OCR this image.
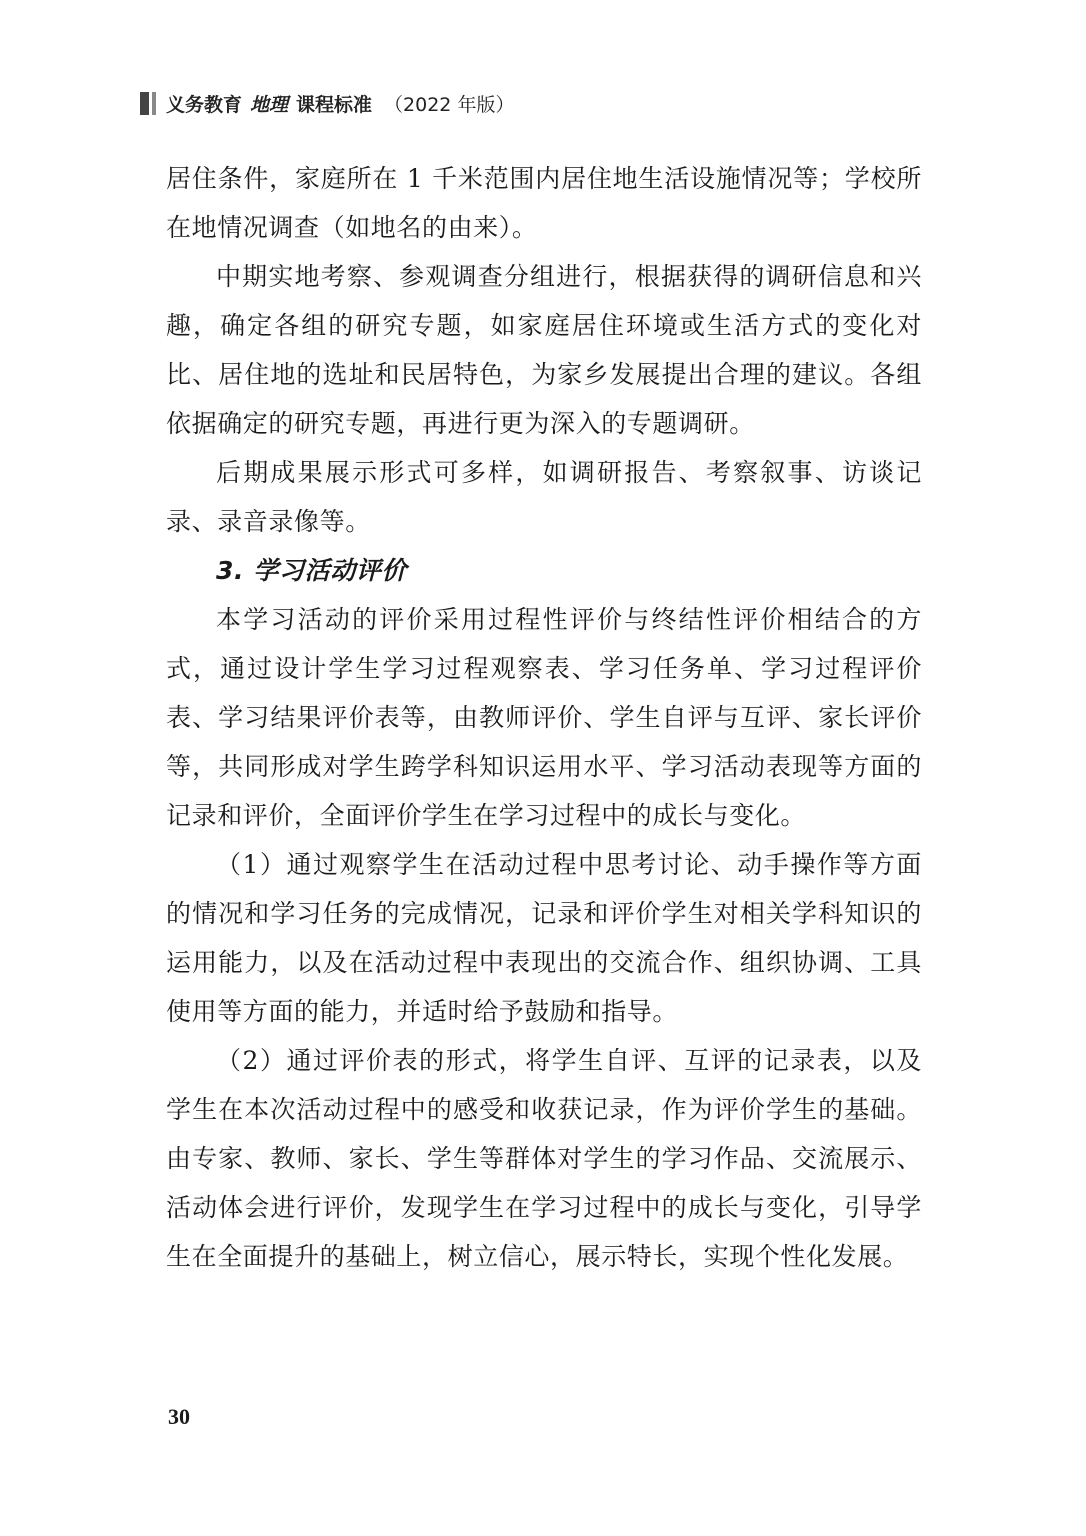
义务教育 地理 课程标准 （2022 年版）

居住条件，家庭所在 1 千米范围内居住地生活设施情况等；学校所在地情况调查（如地名的由来）。

中期实地考察、参观调查分组进行，根据获得的调研信息和兴趣，确定各组的研究专题，如家庭居住环境或生活方式的变化对比、居住地的选址和民居特色，为家乡发展提出合理的建议。各组依据确定的研究专题，再进行更为深入的专题调研。

后期成果展示形式可多样，如调研报告、考察叙事、访谈记录、录音录像等。

3. 学习活动评价

本学习活动的评价采用过程性评价与终结性评价相结合的方式，通过设计学生学习过程观察表、学习任务单、学习过程评价表、学习结果评价表等，由教师评价、学生自评与互评、家长评价等，共同形成对学生跨学科知识运用水平、学习活动表现等方面的记录和评价，全面评价学生在学习过程中的成长与变化。

（1）通过观察学生在活动过程中思考讨论、动手操作等方面的情况和学习任务的完成情况，记录和评价学生对相关学科知识的运用能力，以及在活动过程中表现出的交流合作、组织协调、工具使用等方面的能力，并适时给予鼓励和指导。

（2）通过评价表的形式，将学生自评、互评的记录表，以及学生在本次活动过程中的感受和收获记录，作为评价学生的基础。由专家、教师、家长、学生等群体对学生的学习作品、交流展示、活动体会进行评价，发现学生在学习过程中的成长与变化，引导学生在全面提升的基础上，树立信心，展示特长，实现个性化发展。

30
